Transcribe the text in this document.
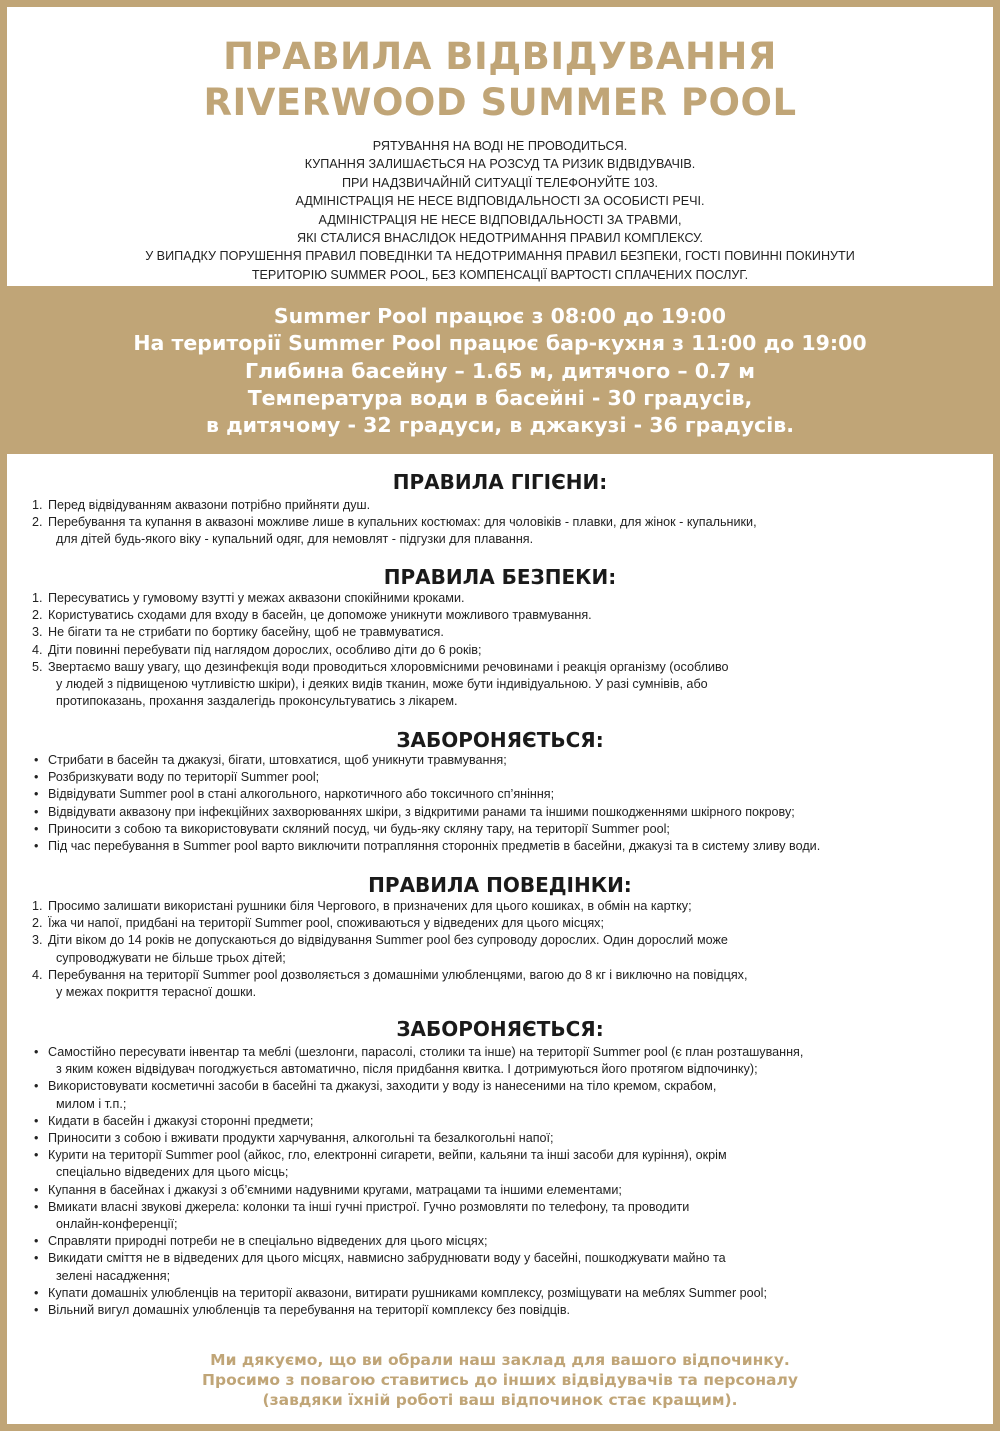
ПРАВИЛА ВІДВІДУВАННЯ
RIVERWOOD SUMMER POOL
РЯТУВАННЯ НА ВОДІ НЕ ПРОВОДИТЬСЯ.
КУПАННЯ ЗАЛИШАЄТЬСЯ НА РОЗСУД ТА РИЗИК ВІДВІДУВАЧІВ.
ПРИ НАДЗВИЧАЙНІЙ СИТУАЦІЇ ТЕЛЕФОНУЙТЕ 103.
АДМІНІСТРАЦІЯ НЕ НЕСЕ ВІДПОВІДАЛЬНОСТІ ЗА ОСОБИСТІ РЕЧІ.
АДМІНІСТРАЦІЯ НЕ НЕСЕ ВІДПОВІДАЛЬНОСТІ ЗА ТРАВМИ,
ЯКІ СТАЛИСЯ ВНАСЛІДОК НЕДОТРИМАННЯ ПРАВИЛ КОМПЛЕКСУ.
У ВИПАДКУ ПОРУШЕННЯ ПРАВИЛ ПОВЕДІНКИ ТА НЕДОТРИМАННЯ ПРАВИЛ БЕЗПЕКИ, ГОСТІ ПОВИННІ ПОКИНУТИ
ТЕРИТОРІЮ SUMMER POOL, БЕЗ КОМПЕНСАЦІЇ ВАРТОСТІ СПЛАЧЕНИХ ПОСЛУГ.
Summer Pool працює з 08:00 до 19:00
На території Summer Pool працює бар-кухня з 11:00 до 19:00
Глибина басейну – 1.65 м, дитячого – 0.7 м
Температура води в басейні - 30 градусів,
в дитячому - 32 градуси, в джакузі - 36 градусів.
ПРАВИЛА ГІГІЄНИ:
1. Перед відвідуванням аквазони потрібно прийняти душ.
2. Перебування та купання в аквазоні можливе лише в купальних костюмах: для чоловіків - плавки, для жінок - купальники,
для дітей будь-якого віку - купальний одяг, для немовлят - підгузки для плавання.
ПРАВИЛА БЕЗПЕКИ:
1. Пересуватись у гумовому взутті у межах аквазони спокійними кроками.
2. Користуватись сходами для входу в басейн, це допоможе уникнути можливого травмування.
3. Не бігати та не стрибати по бортику басейну, щоб не травмуватися.
4. Діти повинні перебувати під наглядом дорослих, особливо діти до 6 років;
5. Звертаємо вашу увагу, що дезинфекція води проводиться хлоровмісними речовинами і реакція організму (особливо
у людей з підвищеною чутливістю шкіри), і деяких видів тканин, може бути індивідуальною. У разі сумнівів, або
протипоказань, прохання заздалегідь проконсультуватись з лікарем.
ЗАБОРОНЯЄТЬСЯ:
• Стрибати в басейн та джакузі, бігати, штовхатися, щоб уникнути травмування;
• Розбризкувати воду по території Summer pool;
• Відвідувати Summer pool в стані алкогольного, наркотичного або токсичного сп’яніння;
• Відвідувати аквазону при інфекційних захворюваннях шкіри, з відкритими ранами та іншими пошкодженнями шкірного покрову;
• Приносити з собою та використовувати скляний посуд, чи будь-яку скляну тару, на території Summer pool;
• Під час перебування в Summer pool варто виключити потрапляння сторонніх предметів в басейни, джакузі та в систему зливу води.
ПРАВИЛА ПОВЕДІНКИ:
1. Просимо залишати використані рушники біля Чергового, в призначених для цього кошиках, в обмін на картку;
2. Їжа чи напої, придбані на території Summer pool, споживаються у відведених для цього місцях;
3. Діти віком до 14 років не допускаються до відвідування Summer pool без супроводу дорослих. Один дорослий може
супроводжувати не більше трьох дітей;
4. Перебування на території Summer pool дозволяється з домашніми улюбленцями, вагою до 8 кг і виключно на повідцях,
у межах покриття терасної дошки.
ЗАБОРОНЯЄТЬСЯ:
• Самостійно пересувати інвентар та меблі (шезлонги, парасолі, столики та інше) на території Summer pool (є план розташування,
з яким кожен відвідувач погоджується автоматично, після придбання квитка. І дотримуються його протягом відпочинку);
• Використовувати косметичні засоби в басейні та джакузі, заходити у воду із нанесеними на тіло кремом, скрабом,
милом і т.п.;
• Кидати в басейн і джакузі сторонні предмети;
• Приносити з собою і вживати продукти харчування, алкогольні та безалкогольні напої;
• Курити на території Summer pool (айкос, гло, електронні сигарети, вейпи, кальяни та інші засоби для куріння), окрім
спеціально відведених для цього місць;
• Купання в басейнах і джакузі з об’ємними надувними кругами, матрацами та іншими елементами;
• Вмикати власні звукові джерела: колонки та інші гучні пристрої. Гучно розмовляти по телефону, та проводити
онлайн-конференції;
• Справляти природні потреби не в спеціально відведених для цього місцях;
• Викидати сміття не в відведених для цього місцях, навмисно забруднювати воду у басейні, пошкоджувати майно та
зелені насадження;
• Купати домашніх улюбленців на території аквазони, витирати рушниками комплексу, розміщувати на меблях Summer pool;
• Вільний вигул домашніх улюбленців та перебування на території комплексу без повідців.
Ми дякуємо, що ви обрали наш заклад для вашого відпочинку.
Просимо з повагою ставитись до інших відвідувачів та персоналу
(завдяки їхній роботі ваш відпочинок стає кращим).
